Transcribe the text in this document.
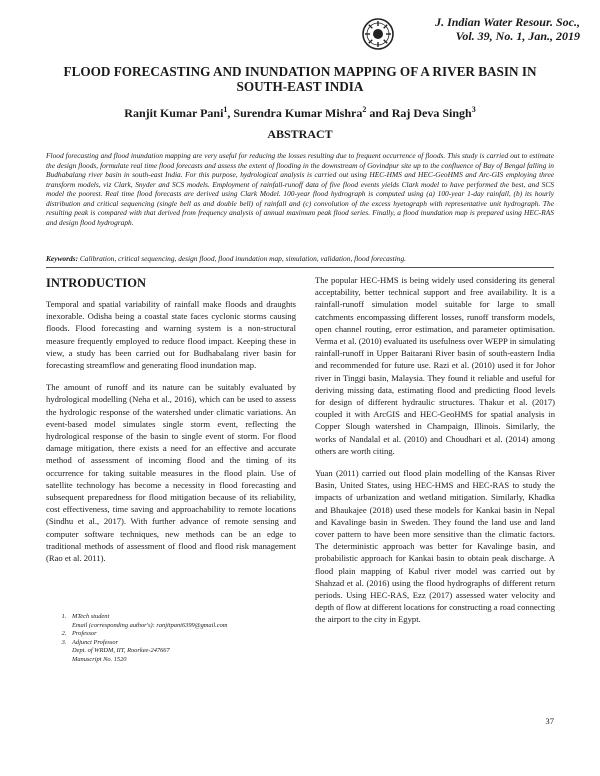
J. Indian Water Resour. Soc.,
Vol. 39, No. 1, Jan., 2019
FLOOD FORECASTING AND INUNDATION MAPPING OF A RIVER BASIN IN SOUTH-EAST INDIA
Ranjit Kumar Pani$^1$, Surendra Kumar Mishra$^2$ and Raj Deva Singh$^3$
ABSTRACT
Flood forecasting and flood inundation mapping are very useful for reducing the losses resulting due to frequent occurrence of floods. This study is carried out to estimate the design floods, formulate real time flood forecasts and assess the extent of flooding in the downstream of Govindpur site up to the confluence of Bay of Bengal falling in Budhabalang river basin in south-east India. For this purpose, hydrological analysis is carried out using HEC-HMS and HEC-GeoHMS and Arc-GIS employing three transform models, viz Clark, Snyder and SCS models. Employment of rainfall-runoff data of five flood events yields Clark model to have performed the best, and SCS model the poorest. Real time flood forecasts are derived using Clark Model. 100-year flood hydrograph is computed using (a) 100-year 1-day rainfall, (b) its hourly distribution and critical sequencing (single bell as and double bell) of rainfall and (c) convolution of the excess hyetograph with representative unit hydrograph. The resulting peak is compared with that derived from frequency analysis of annual maximum peak flood series. Finally, a flood inundation map is prepared using HEC-RAS and design flood hydrograph.
Keywords: Calibration, critical sequencing, design flood, flood inundation map, simulation, validation, flood forecasting.
INTRODUCTION

Temporal and spatial variability of rainfall make floods and draughts inexorable. Odisha being a coastal state faces cyclonic storms causing floods. Flood forecasting and warning system is a non-structural measure frequently employed to reduce flood impact. Keeping these in view, a study has been carried out for Budhabalang river basin for forecasting streamflow and generating flood inundation map.

The amount of runoff and its nature can be suitably evaluated by hydrological modelling (Neha et al., 2016), which can be used to assess the hydrologic response of the watershed under climatic variations. An event-based model simulates single storm event, reflecting the hydrological response of the basin to single event of storm. For flood damage mitigation, there exists a need for an effective and accurate method of assessment of incoming flood and the timing of its occurrence for taking suitable measures in the flood plain. Use of satellite technology has become a necessity in flood forecasting and subsequent preparedness for flood mitigation because of its reliability, cost effectiveness, time saving and approachability to remote locations (Sindhu et al., 2017). With further advance of remote sensing and computer software techniques, new methods can be an edge to traditional methods of assessment of flood and flood risk management (Rao et al. 2011).

The popular HEC-HMS is being widely used considering its general acceptability, better technical support and free availability. It is a rainfall-runoff simulation model suitable for large to small catchments encompassing different losses, runoff transform models, open channel routing, error estimation, and parameter optimisation. Verma et al. (2010) evaluated its usefulness over WEPP in simulating rainfall-runoff in Upper Baitarani River basin of south-eastern India and recommended for future use. Razi et al. (2010) used it for Johor river in Tinggi basin, Malaysia. They found it reliable and useful for deriving missing data, estimating flood and predicting flood levels for design of different hydraulic structures. Thakur et al. (2017) coupled it with ArcGIS and HEC-GeoHMS for spatial analysis in Copper Slough watershed in Champaign, Illinois. Similarly, the works of Nandalal et al. (2010) and Choudhari et al. (2014) among others are worth citing.

Yuan (2011) carried out flood plain modelling of the Kansas River Basin, United States, using HEC-HMS and HEC-RAS to study the impacts of urbanization and wetland mitigation. Similarly, Khadka and Bhaukajee (2018) used these models for Kankai basin in Nepal and Kavalinge basin in Sweden. They found the land use and land cover pattern to have been more sensitive than the climatic factors. The deterministic approach was better for Kavalinge basin, and probabilistic approach for Kankai basin to obtain peak discharge. A flood plain mapping of Kabul river model was carried out by Shahzad et al. (2016) using the flood hydrographs of different return periods. Using HEC-RAS, Ezz (2017) assessed water velocity and depth of flow at different locations for constructing a road connecting the airport to the city in Egypt.

1. MTech student
Email (corresponding author's): ranjitpani6399@gmail.com
2. Professor
3. Adjunct Professor
Dept. of WRDM, IIT, Roorkee-247667
Manuscript No. 1520
37
